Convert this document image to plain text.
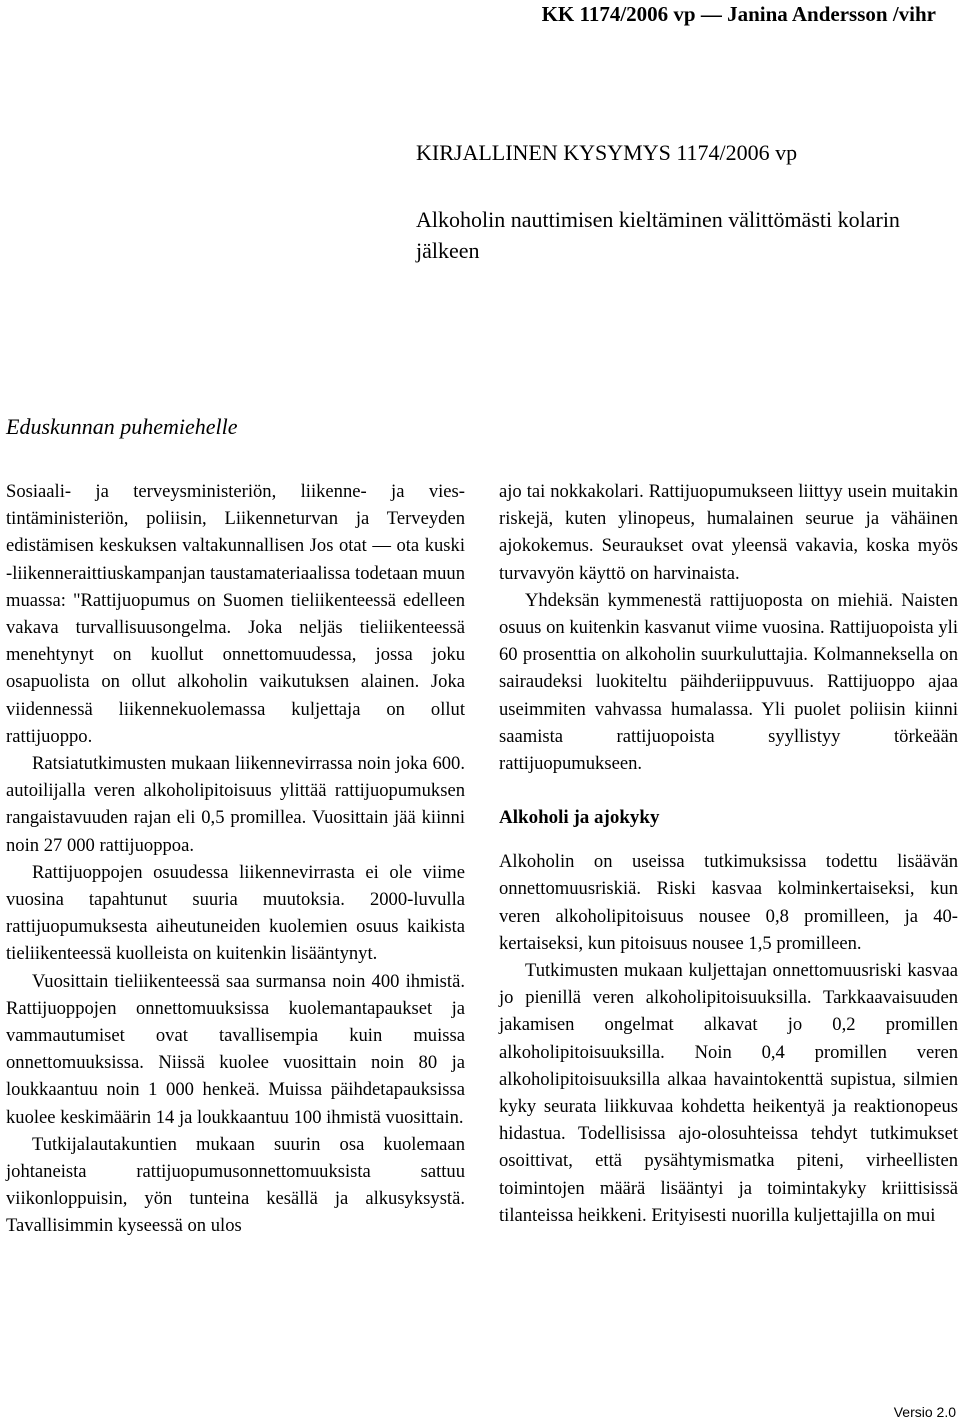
KK 1174/2006 vp — Janina Andersson /vihr
KIRJALLINEN KYSYMYS 1174/2006 vp
Alkoholin nauttimisen kieltäminen välittömästi kolarin jälkeen
Eduskunnan puhemiehelle

Sosiaali- ja terveysministeriön, liikenne- ja viestintäministeriön, poliisin, Liikenneturvan ja Terveyden edistämisen keskuksen valtakunnallisen Jos otat — ota kuski -liikenneraittiuskampanjan taustamateriaalissa todetaan muun muassa: "Rattijuopumus on Suomen tieliikenteessä edelleen vakava turvallisuusongelma. Joka neljäs tieliikenteessä menehtynyt on kuollut onnettomuudessa, jossa joku osapuolista on ollut alkoholin vaikutuksen alainen. Joka viidennessä liikennekuolemassa kuljettaja on ollut rattijuoppo.

Ratsiatutkimusten mukaan liikennevirrassa noin joka 600. autoilijalla veren alkoholipitoisuus ylittää rattijuopumuksen rangaistavuuden rajan eli 0,5 promillea. Vuosittain jää kiinni noin 27 000 rattijuoppoa.

Rattijuoppojen osuudessa liikennevirrasta ei ole viime vuosina tapahtunut suuria muutoksia. 2000-luvulla rattijuopumuksesta aiheutuneiden kuolemien osuus kaikista tieliikenteessä kuolleista on kuitenkin lisääntynyt.

Vuosittain tieliikenteessä saa surmansa noin 400 ihmistä. Rattijuoppojen onnettomuuksissa kuolemantapaukset ja vammautumiset ovat tavallisempia kuin muissa onnettomuuksissa. Niissä kuolee vuosittain noin 80 ja loukkaantuu noin 1 000 henkeä. Muissa päihdetapauksissa kuolee keskimäärin 14 ja loukkaantuu 100 ihmistä vuosittain.

Tutkijalautakuntien mukaan suurin osa kuolemaan johtaneista rattijuopumusonnettomuuksista sattuu viikonloppuisin, yön tunteina kesällä ja alkusyksystä. Tavallisimmin kyseessä on ulos

ajo tai nokkakolari. Rattijuopumukseen liittyy usein muitakin riskejä, kuten ylinopeus, humalainen seurue ja vähäinen ajokokemus. Seuraukset ovat yleensä vakavia, koska myös turvavyön käyttö on harvinaista.

Yhdeksän kymmenestä rattijuoposta on miehiä. Naisten osuus on kuitenkin kasvanut viime vuosina. Rattijuopoista yli 60 prosenttia on alkoholin suurkuluttajia. Kolmanneksella on sairaudeksi luokiteltu päihderiippuvuus. Rattijuoppo ajaa useimmiten vahvassa humalassa. Yli puolet poliisin kiinni saamista rattijuopoista syyllistyy törkeään rattijuopumukseen.

Alkoholi ja ajokyky

Alkoholin on useissa tutkimuksissa todettu lisäävän onnettomuusriskiä. Riski kasvaa kolminkertaiseksi, kun veren alkoholipitoisuus nousee 0,8 promilleen, ja 40-kertaiseksi, kun pitoisuus nousee 1,5 promilleen.

Tutkimusten mukaan kuljettajan onnettomuusriski kasvaa jo pienillä veren alkoholipitoisuuksilla. Tarkkaavaisuuden jakamisen ongelmat alkavat jo 0,2 promillen alkoholipitoisuuksilla. Noin 0,4 promillen veren alkoholipitoisuuksilla alkaa havaintokenttä supistua, silmien kyky seurata liikkuvaa kohdetta heikentyä ja reaktionopeus hidastua. Todellisissa ajo-olosuhteissa tehdyt tutkimukset osoittivat, että pysähtymismatka piteni, virheellisten toimintojen määrä lisääntyi ja toimintakyky kriittisissä tilanteissa heikkeni. Erityisesti nuorilla kuljettajilla on mui

Versio 2.0
